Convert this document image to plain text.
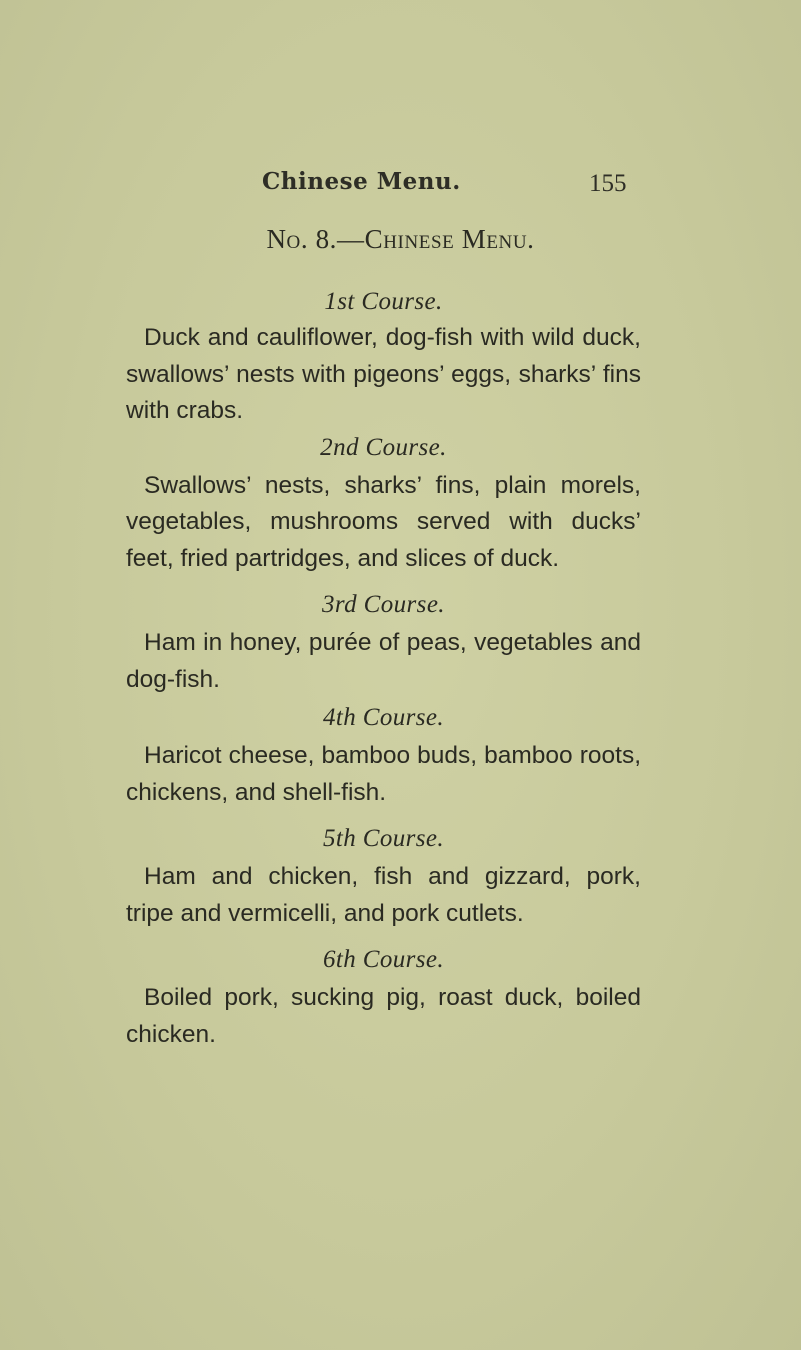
Chinese Menu.	155
No. 8.—Chinese Menu.

1st Course.

Duck and cauliflower, dog-fish with wild duck, swallows’ nests with pigeons’ eggs, sharks’ fins with crabs.

2nd Course.

Swallows’ nests, sharks’ fins, plain morels, vegetables, mushrooms served with ducks’ feet, fried partridges, and slices of duck.

3rd Course.

Ham in honey, purée of peas, vegetables and dog-fish.

4th Course.

Haricot cheese, bamboo buds, bamboo roots, chickens, and shell-fish.

5th Course.

Ham and chicken, fish and gizzard, pork, tripe and vermicelli, and pork cutlets.

6th Course.

Boiled pork, sucking pig, roast duck, boiled chicken.
